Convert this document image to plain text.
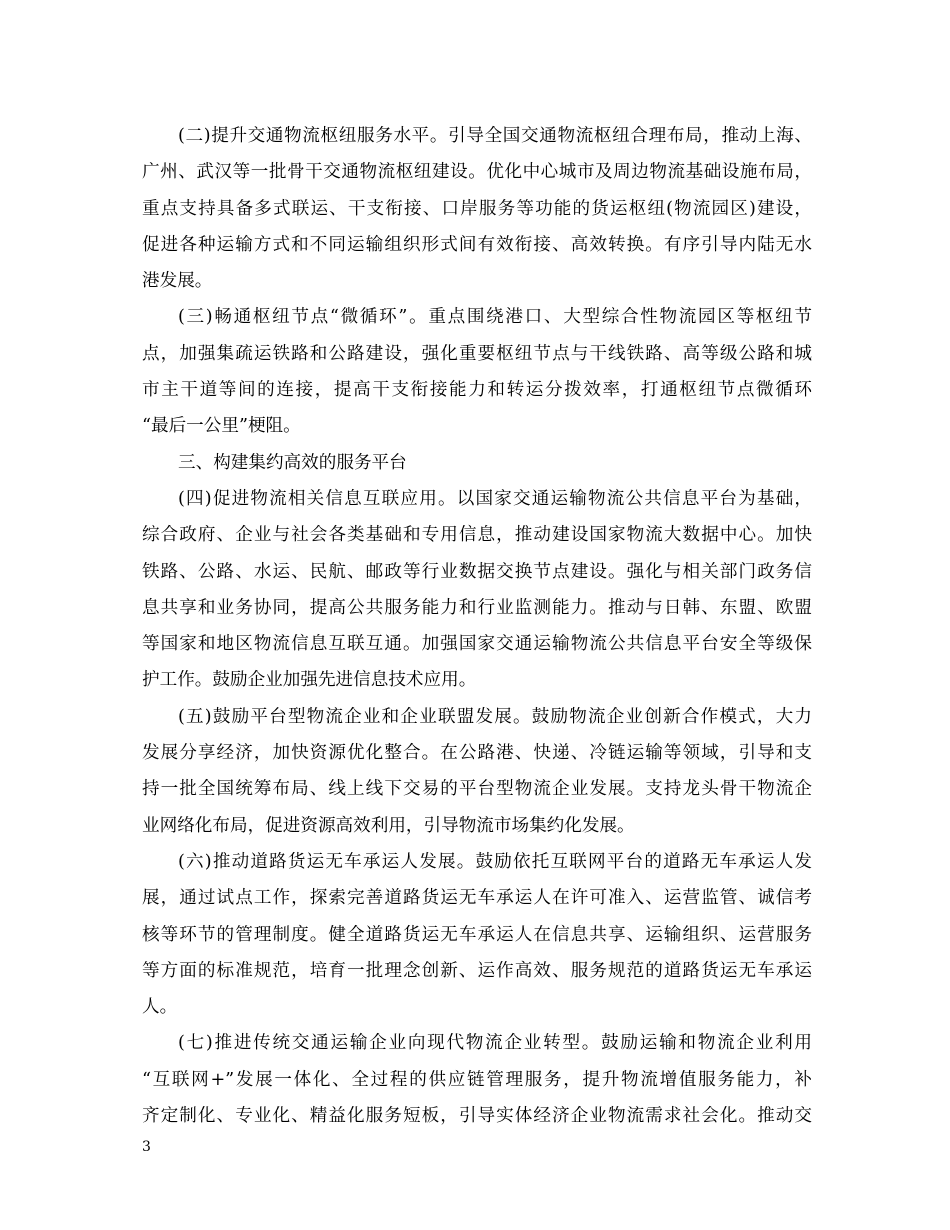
(二)提升交通物流枢纽服务水平。引导全国交通物流枢纽合理布局，推动上海、
广州、武汉等一批骨干交通物流枢纽建设。优化中心城市及周边物流基础设施布局，
重点支持具备多式联运、干支衔接、口岸服务等功能的货运枢纽(物流园区)建设，
促进各种运输方式和不同运输组织形式间有效衔接、高效转换。有序引导内陆无水
港发展。
(三)畅通枢纽节点“微循环”。重点围绕港口、大型综合性物流园区等枢纽节
点，加强集疏运铁路和公路建设，强化重要枢纽节点与干线铁路、高等级公路和城
市主干道等间的连接，提高干支衔接能力和转运分拨效率，打通枢纽节点微循环
“最后一公里”梗阻。
三、构建集约高效的服务平台
(四)促进物流相关信息互联应用。以国家交通运输物流公共信息平台为基础，
综合政府、企业与社会各类基础和专用信息，推动建设国家物流大数据中心。加快
铁路、公路、水运、民航、邮政等行业数据交换节点建设。强化与相关部门政务信
息共享和业务协同，提高公共服务能力和行业监测能力。推动与日韩、东盟、欧盟
等国家和地区物流信息互联互通。加强国家交通运输物流公共信息平台安全等级保
护工作。鼓励企业加强先进信息技术应用。
(五)鼓励平台型物流企业和企业联盟发展。鼓励物流企业创新合作模式，大力
发展分享经济，加快资源优化整合。在公路港、快递、冷链运输等领域，引导和支
持一批全国统筹布局、线上线下交易的平台型物流企业发展。支持龙头骨干物流企
业网络化布局，促进资源高效利用，引导物流市场集约化发展。
(六)推动道路货运无车承运人发展。鼓励依托互联网平台的道路无车承运人发
展，通过试点工作，探索完善道路货运无车承运人在许可准入、运营监管、诚信考
核等环节的管理制度。健全道路货运无车承运人在信息共享、运输组织、运营服务
等方面的标准规范，培育一批理念创新、运作高效、服务规范的道路货运无车承运
人。
(七)推进传统交通运输企业向现代物流企业转型。鼓励运输和物流企业利用
“互联网+”发展一体化、全过程的供应链管理服务，提升物流增值服务能力，补
齐定制化、专业化、精益化服务短板，引导实体经济企业物流需求社会化。推动交
3
